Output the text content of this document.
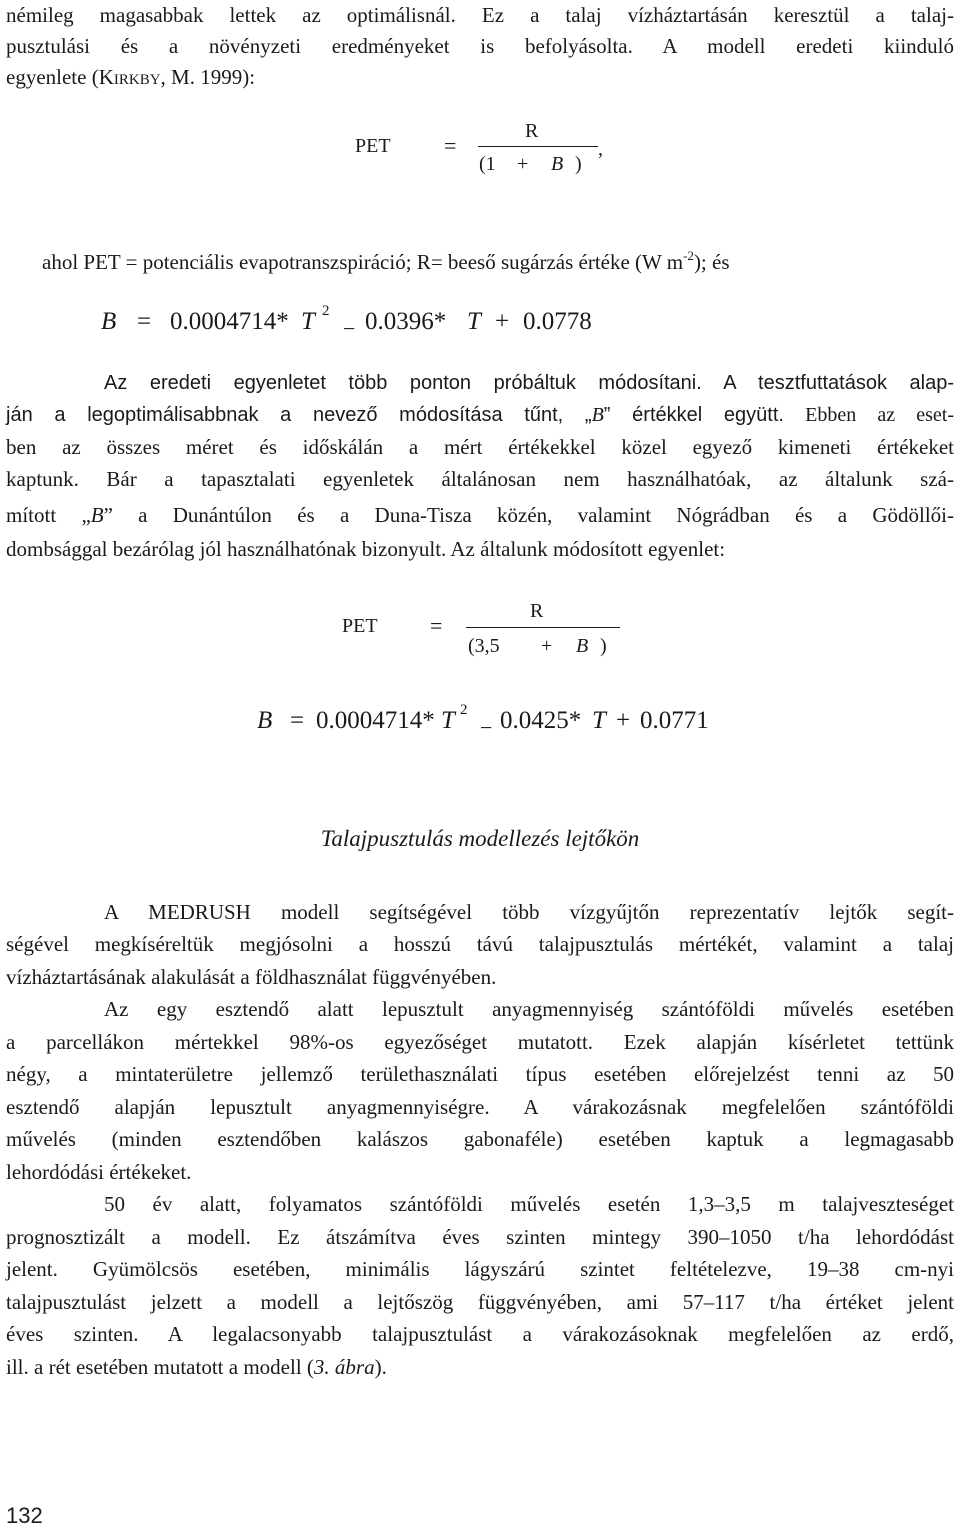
némileg magasabbak lettek az optimálisnál. Ez a talaj vízháztartásán keresztül a talaj-
pusztulási és a növényzeti eredményeket is befolyásolta. A modell eredeti kiinduló
egyenlete (KIRKBY, M. 1999):
PET =
R
(1 + B )
,
ahol PET = potenciális evapotranszspiráció; R= beeső sugárzás értéke (W $m^{-2}$); és
B = 0.0004714* T 2
− 0.0396* T + 0.0778
Az eredeti egyenletet több ponton próbáltuk módosítani. A tesztfuttatások alap-
ján a legoptimálisabbnak a nevező módosítása tűnt, „B” értékkel együtt. Ebben az eset-
ben az összes méret és időskálán a mért értékekkel közel egyező kimeneti értékeket
kaptunk. Bár a tapasztalati egyenletek általánosan nem használhatóak, az általunk szá-
mított „B” a Dunántúlon és a Duna-Tisza közén, valamint Nógrádban és a Gödöllői-
dombsággal bezárólag jól használhatónak bizonyult. Az általunk módosított egyenlet:
PET =
R
(3,5 + B )
B = 0.0004714* T 2
− 0.0425* T + 0.0771
Talajpusztulás modellezés lejtőkön
A MEDRUSH modell segítségével több vízgyűjtőn reprezentatív lejtők segít-
ségével megkíséreltük megjósolni a hosszú távú talajpusztulás mértékét, valamint a talaj
vízháztartásának alakulását a földhasználat függvényében.
Az egy esztendő alatt lepusztult anyagmennyiség szántóföldi művelés esetében
a parcellákon mértekkel 98%-os egyezőséget mutatott. Ezek alapján kísérletet tettünk
négy, a mintaterületre jellemző területhasználati típus esetében előrejelzést tenni az 50
esztendő alapján lepusztult anyagmennyiségre. A várakozásnak megfelelően szántóföldi
művelés (minden esztendőben kalászos gabonaféle) esetében kaptuk a legmagasabb
lehordódási értékeket.
50 év alatt, folyamatos szántóföldi művelés esetén 1,3–3,5 m talajveszteséget
prognosztizált a modell. Ez átszámítva éves szinten mintegy 390–1050 t/ha lehordódást
jelent. Gyümölcsös esetében, minimális lágyszárú szintet feltételezve, 19–38 cm-nyi
talajpusztulást jelzett a modell a lejtőszög függvényében, ami 57–117 t/ha értéket jelent
éves szinten. A legalacsonyabb talajpusztulást a várakozásoknak megfelelően az erdő,
ill. a rét esetében mutatott a modell (3. ábra).
132
